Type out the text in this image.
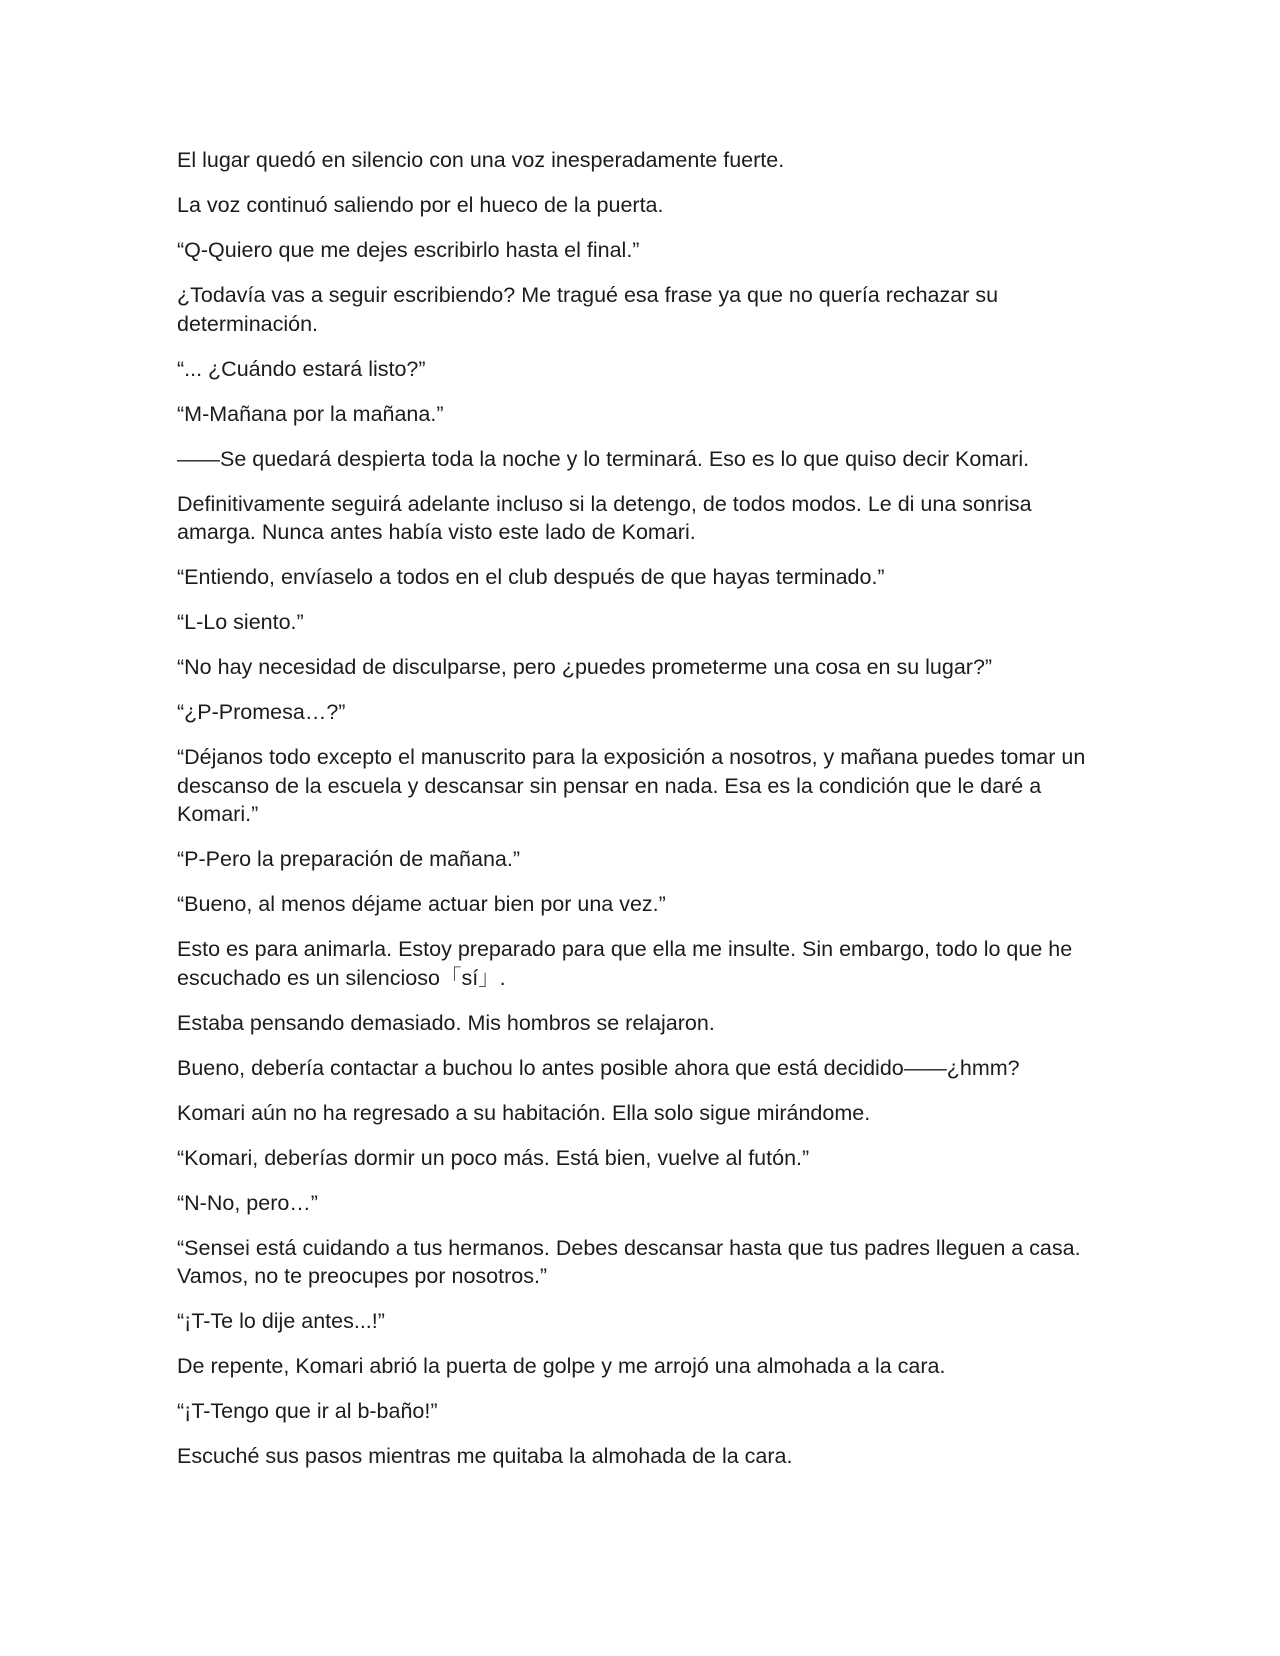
El lugar quedó en silencio con una voz inesperadamente fuerte.

La voz continuó saliendo por el hueco de la puerta.

“Q-Quiero que me dejes escribirlo hasta el final.”

¿Todavía vas a seguir escribiendo? Me tragué esa frase ya que no quería rechazar su determinación.

“... ¿Cuándo estará listo?”

“M-Mañana por la mañana.”

——Se quedará despierta toda la noche y lo terminará. Eso es lo que quiso decir Komari.

Definitivamente seguirá adelante incluso si la detengo, de todos modos. Le di una sonrisa amarga. Nunca antes había visto este lado de Komari.

“Entiendo, envíaselo a todos en el club después de que hayas terminado.”

“L-Lo siento.”

“No hay necesidad de disculparse, pero ¿puedes prometerme una cosa en su lugar?”

“¿P-Promesa…?”

“Déjanos todo excepto el manuscrito para la exposición a nosotros, y mañana puedes tomar un descanso de la escuela y descansar sin pensar en nada. Esa es la condición que le daré a Komari.”

“P-Pero la preparación de mañana.”

“Bueno, al menos déjame actuar bien por una vez.”

Esto es para animarla. Estoy preparado para que ella me insulte. Sin embargo, todo lo que he escuchado es un silencioso「sí」.

Estaba pensando demasiado. Mis hombros se relajaron.

Bueno, debería contactar a buchou lo antes posible ahora que está decidido——¿hmm?

Komari aún no ha regresado a su habitación. Ella solo sigue mirándome.

“Komari, deberías dormir un poco más. Está bien, vuelve al futón.”

“N-No, pero…”

“Sensei está cuidando a tus hermanos. Debes descansar hasta que tus padres lleguen a casa. Vamos, no te preocupes por nosotros.”

“¡T-Te lo dije antes...!”

De repente, Komari abrió la puerta de golpe y me arrojó una almohada a la cara.

“¡T-Tengo que ir al b-baño!”

Escuché sus pasos mientras me quitaba la almohada de la cara.
